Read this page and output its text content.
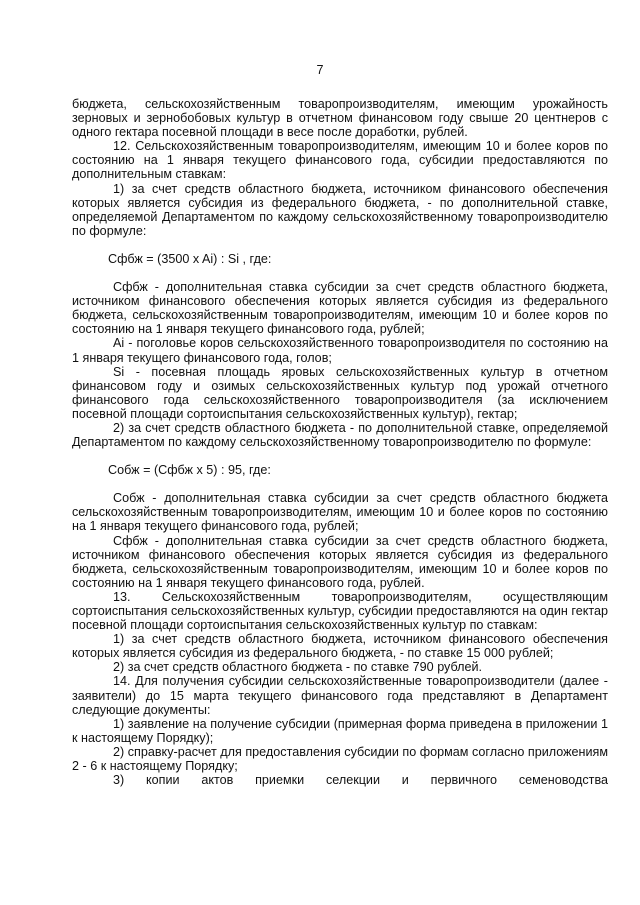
7

бюджета, сельскохозяйственным товаропроизводителям, имеющим урожайность зерновых и зернобобовых культур в отчетном финансовом году свыше 20 центнеров с одного гектара посевной площади в весе после доработки, рублей.

12. Сельскохозяйственным товаропроизводителям, имеющим 10 и более коров по состоянию на 1 января текущего финансового года, субсидии предоставляются по дополнительным ставкам:

1) за счет средств областного бюджета, источником финансового обеспечения которых является субсидия из федерального бюджета, - по дополнительной ставке, определяемой Департаментом по каждому сельскохозяйственному товаропроизводителю по формуле:

Сфбж = (3500 x Ai) : Si , где:

Сфбж - дополнительная ставка субсидии за счет средств областного бюджета, источником финансового обеспечения которых является субсидия из федерального бюджета, сельскохозяйственным товаропроизводителям, имеющим 10 и более коров по состоянию на 1 января текущего финансового года, рублей;

Ai - поголовье коров сельскохозяйственного товаропроизводителя по состоянию на 1 января текущего финансового года, голов;

Si - посевная площадь яровых сельскохозяйственных культур в отчетном финансовом году и озимых сельскохозяйственных культур под урожай отчетного финансового года сельскохозяйственного товаропроизводителя (за исключением посевной площади сортоиспытания сельскохозяйственных культур), гектар;

2) за счет средств областного бюджета - по дополнительной ставке, определяемой Департаментом по каждому сельскохозяйственному товаропроизводителю по формуле:

Собж = (Сфбж x 5) : 95, где:

Собж - дополнительная ставка субсидии за счет средств областного бюджета сельскохозяйственным товаропроизводителям, имеющим 10 и более коров по состоянию на 1 января текущего финансового года, рублей;

Сфбж - дополнительная ставка субсидии за счет средств областного бюджета, источником финансового обеспечения которых является субсидия из федерального бюджета, сельскохозяйственным товаропроизводителям, имеющим 10 и более коров по состоянию на 1 января текущего финансового года, рублей.

13. Сельскохозяйственным товаропроизводителям, осуществляющим сортоиспытания сельскохозяйственных культур, субсидии предоставляются на один гектар посевной площади сортоиспытания сельскохозяйственных культур по ставкам:

1) за счет средств областного бюджета, источником финансового обеспечения которых является субсидия из федерального бюджета, - по ставке 15 000 рублей;

2) за счет средств областного бюджета - по ставке 790 рублей.

14. Для получения субсидии сельскохозяйственные товаропроизводители (далее - заявители) до 15 марта текущего финансового года представляют в Департамент следующие документы:

1) заявление на получение субсидии (примерная форма приведена в приложении 1 к настоящему Порядку);

2) справку-расчет для предоставления субсидии по формам согласно приложениям 2 - 6 к настоящему Порядку;

3) копии актов приемки селекции и первичного семеноводства
